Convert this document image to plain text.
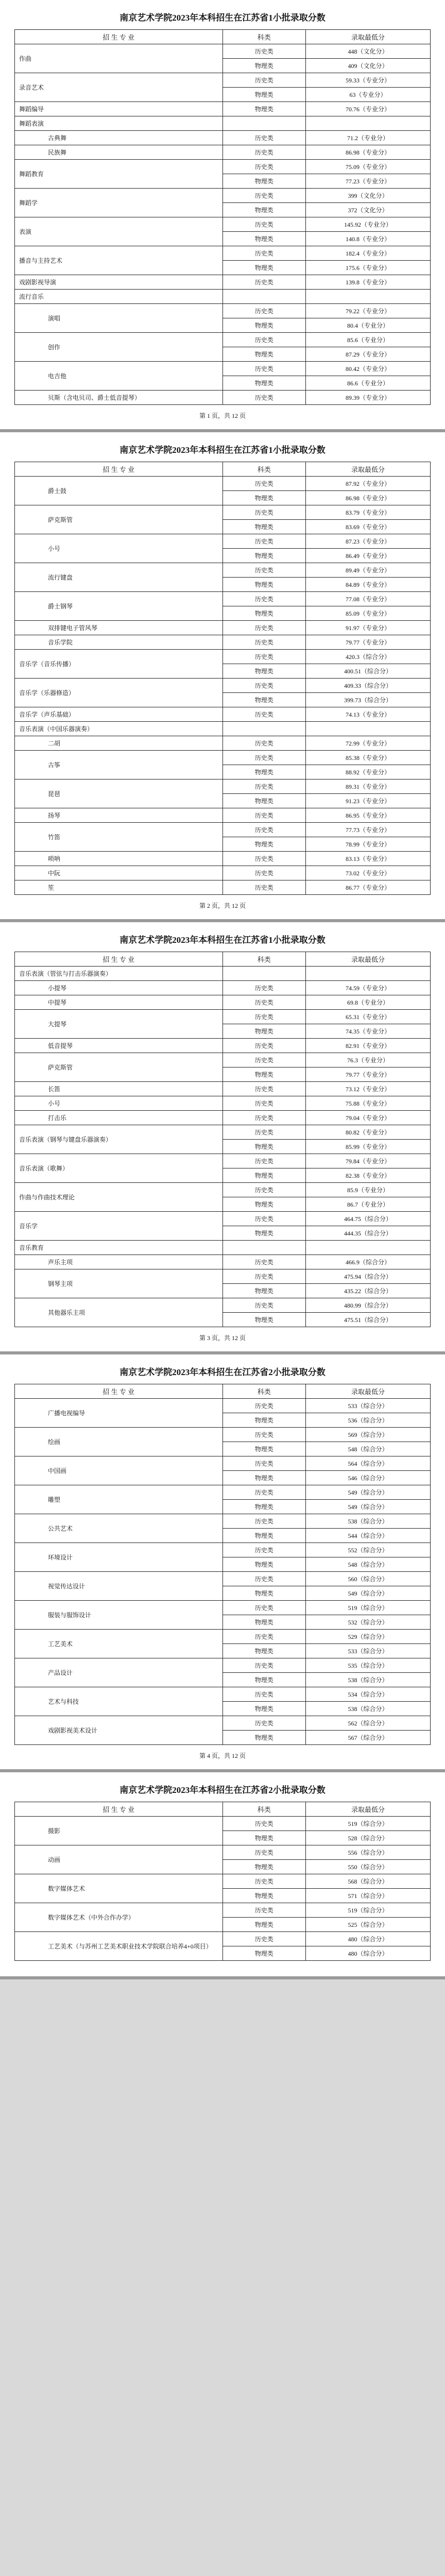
南京艺术学院2023年本科招生在江苏省1小批录取分数
招 生 专 业	科类	录取最低分
作曲	历史类	448（文化分）
	物理类	409（文化分）
录音艺术	历史类	59.33（专业分）
	物理类	63（专业分）
舞蹈编导	物理类	70.76（专业分）
舞蹈表演		
古典舞	历史类	71.2（专业分）
民族舞	历史类	86.98（专业分）
舞蹈教育	历史类	75.09（专业分）
	物理类	77.23（专业分）
舞蹈学	历史类	399（文化分）
	物理类	372（文化分）
表演	历史类	145.92（专业分）
	物理类	140.8（专业分）
播音与主持艺术	历史类	182.4（专业分）
	物理类	175.6（专业分）
戏剧影视导演	历史类	139.8（专业分）
流行音乐		
演唱	历史类	79.22（专业分）
	物理类	80.4（专业分）
创作	历史类	85.6（专业分）
	物理类	87.29（专业分）
电吉他	历史类	80.42（专业分）
	物理类	86.6（专业分）
贝斯（含电贝司、爵士低音提琴）	历史类	89.39（专业分）
第 1 页，共 12 页
南京艺术学院2023年本科招生在江苏省1小批录取分数
招 生 专 业	科类	录取最低分
爵士鼓	历史类	87.92（专业分）
	物理类	86.98（专业分）
萨克斯管	历史类	83.79（专业分）
	物理类	83.69（专业分）
小号	历史类	87.23（专业分）
	物理类	86.49（专业分）
流行键盘	历史类	89.49（专业分）
	物理类	84.89（专业分）
爵士钢琴	历史类	77.08（专业分）
	物理类	85.09（专业分）
双排键电子管风琴	历史类	91.97（专业分）
音乐学院	历史类	79.77（专业分）
音乐学（音乐传播）	历史类	420.3（综合分）
	物理类	400.51（综合分）
音乐学（乐器修造）	历史类	409.33（综合分）
	物理类	399.73（综合分）
音乐学（声乐基础）	历史类	74.13（专业分）
音乐表演（中国乐器演奏）		
二胡	历史类	72.99（专业分）
古筝	历史类	85.38（专业分）
	物理类	88.92（专业分）
琵琶	历史类	89.31（专业分）
	物理类	91.23（专业分）
扬琴	历史类	86.95（专业分）
竹笛	历史类	77.73（专业分）
	物理类	78.99（专业分）
唢呐	历史类	83.13（专业分）
中阮	历史类	73.02（专业分）
笙	历史类	86.77（专业分）
第 2 页，共 12 页
南京艺术学院2023年本科招生在江苏省1小批录取分数
招 生 专 业	科类	录取最低分
音乐表演（管弦与打击乐器演奏）		
小提琴	历史类	74.59（专业分）
中提琴	历史类	69.8（专业分）
大提琴	历史类	65.31（专业分）
	物理类	74.35（专业分）
低音提琴	历史类	82.91（专业分）
萨克斯管	历史类	76.3（专业分）
	物理类	79.77（专业分）
长笛	历史类	73.12（专业分）
小号	历史类	75.88（专业分）
打击乐	历史类	79.04（专业分）
音乐表演（钢琴与键盘乐器演奏）	历史类	80.82（专业分）
	物理类	85.99（专业分）
音乐表演（歌舞）	历史类	79.84（专业分）
	物理类	82.38（专业分）
作曲与作曲技术理论	历史类	85.9（专业分）
	物理类	86.7（专业分）
音乐学	历史类	464.75（综合分）
	物理类	444.35（综合分）
音乐教育		
声乐主项	历史类	466.9（综合分）
钢琴主项	历史类	475.94（综合分）
	物理类	435.22（综合分）
其他器乐主项	历史类	480.99（综合分）
	物理类	475.51（综合分）
第 3 页，共 12 页
南京艺术学院2023年本科招生在江苏省2小批录取分数
招 生 专 业	科类	录取最低分
广播电视编导	历史类	533（综合分）
	物理类	536（综合分）
绘画	历史类	569（综合分）
	物理类	548（综合分）
中国画	历史类	564（综合分）
	物理类	546（综合分）
雕塑	历史类	549（综合分）
	物理类	549（综合分）
公共艺术	历史类	538（综合分）
	物理类	544（综合分）
环境设计	历史类	552（综合分）
	物理类	548（综合分）
视觉传达设计	历史类	560（综合分）
	物理类	549（综合分）
服装与服饰设计	历史类	519（综合分）
	物理类	532（综合分）
工艺美术	历史类	529（综合分）
	物理类	533（综合分）
产品设计	历史类	535（综合分）
	物理类	538（综合分）
艺术与科技	历史类	534（综合分）
	物理类	538（综合分）
戏剧影视美术设计	历史类	562（综合分）
	物理类	567（综合分）
第 4 页，共 12 页
南京艺术学院2023年本科招生在江苏省2小批录取分数
招 生 专 业	科类	录取最低分
摄影	历史类	519（综合分）
	物理类	528（综合分）
动画	历史类	556（综合分）
	物理类	550（综合分）
数字媒体艺术	历史类	568（综合分）
	物理类	571（综合分）
数字媒体艺术（中外合作办学）	历史类	519（综合分）
	物理类	525（综合分）
工艺美术（与苏州工艺美术职业技术学院联合培养4+0项目）	历史类	480（综合分）
	物理类	480（综合分）
